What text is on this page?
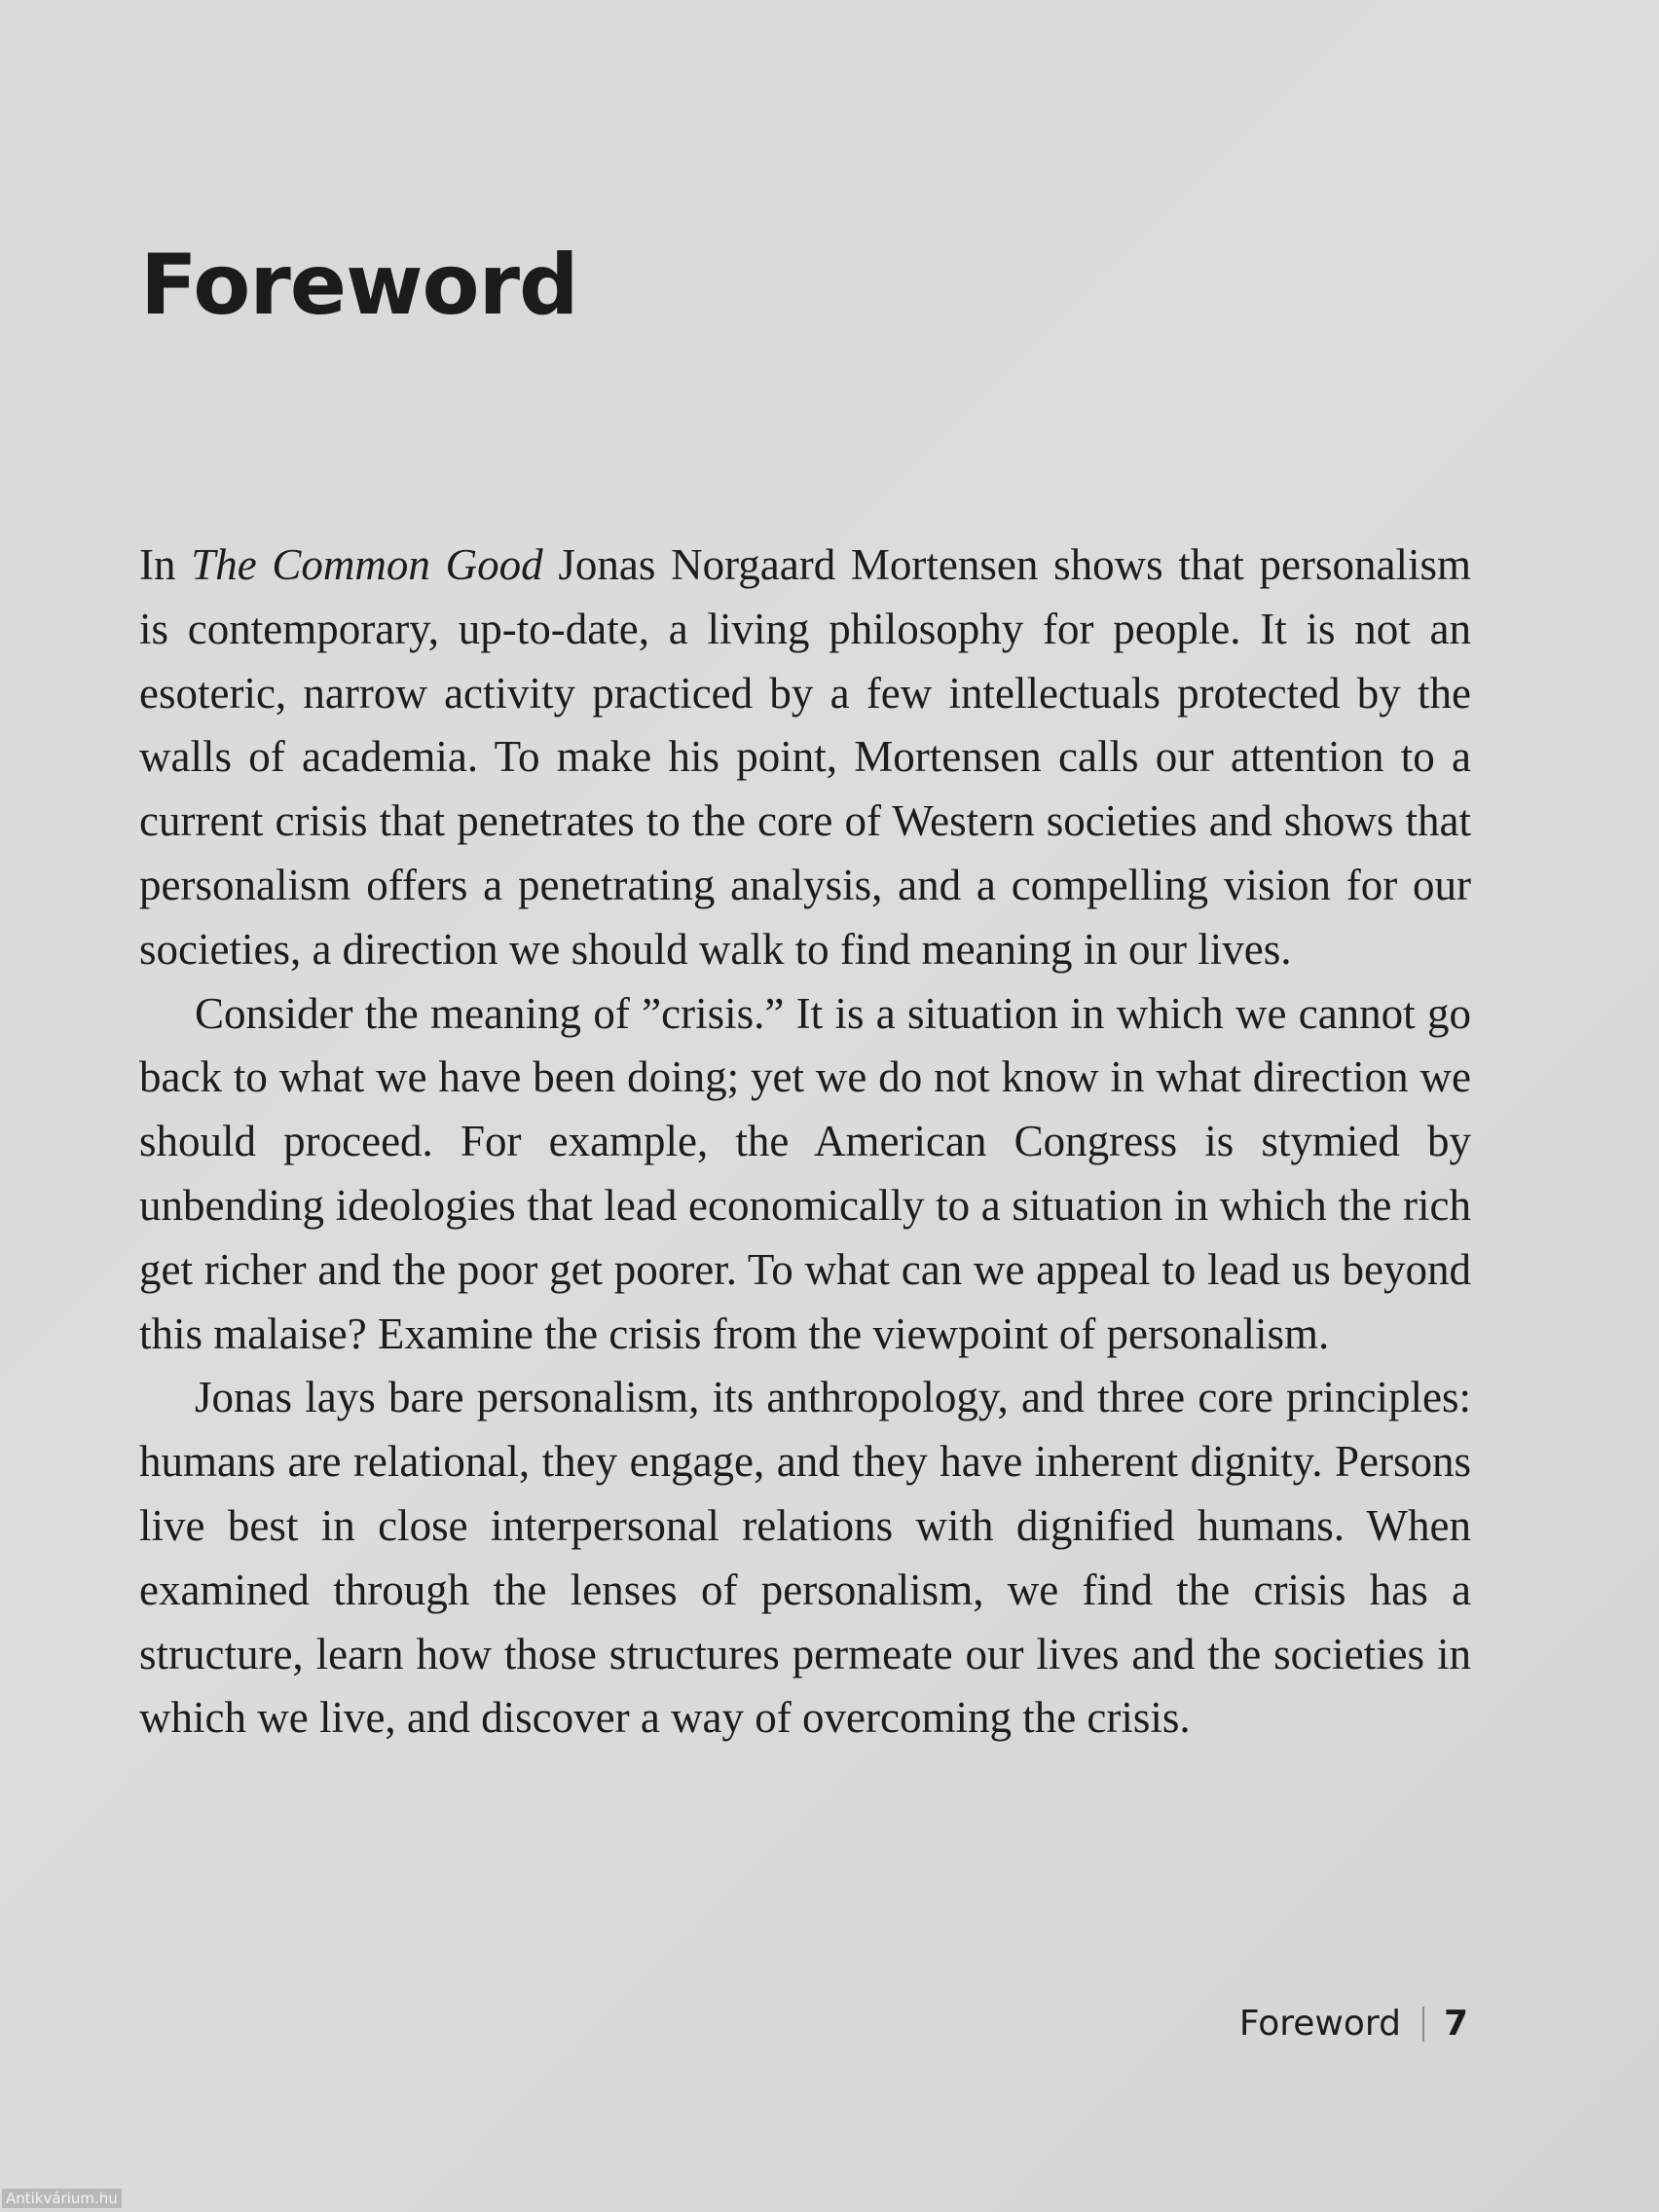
Foreword

In The Common Good Jonas Norgaard Mortensen shows that personalism is contemporary, up-to-date, a living philosophy for people. It is not an esoteric, narrow activity practiced by a few intellectuals protected by the walls of academia. To make his point, Mortensen calls our attention to a current crisis that penetrates to the core of Western societies and shows that personalism offers a penetrating analysis, and a compelling vision for our societies, a direction we should walk to find meaning in our lives.

Consider the meaning of ”crisis.” It is a situation in which we cannot go back to what we have been doing; yet we do not know in what direction we should proceed. For example, the American Congress is stymied by unbending ideologies that lead economically to a situation in which the rich get richer and the poor get poorer. To what can we appeal to lead us beyond this malaise? Examine the crisis from the viewpoint of personalism.

Jonas lays bare personalism, its anthropology, and three core principles: humans are relational, they engage, and they have inherent dignity. Persons live best in close interpersonal relations with dignified humans. When examined through the lenses of personalism, we find the crisis has a structure, learn how those structures permeate our lives and the societies in which we live, and discover a way of overcoming the crisis.

Foreword 7
Antikvárium.hu
